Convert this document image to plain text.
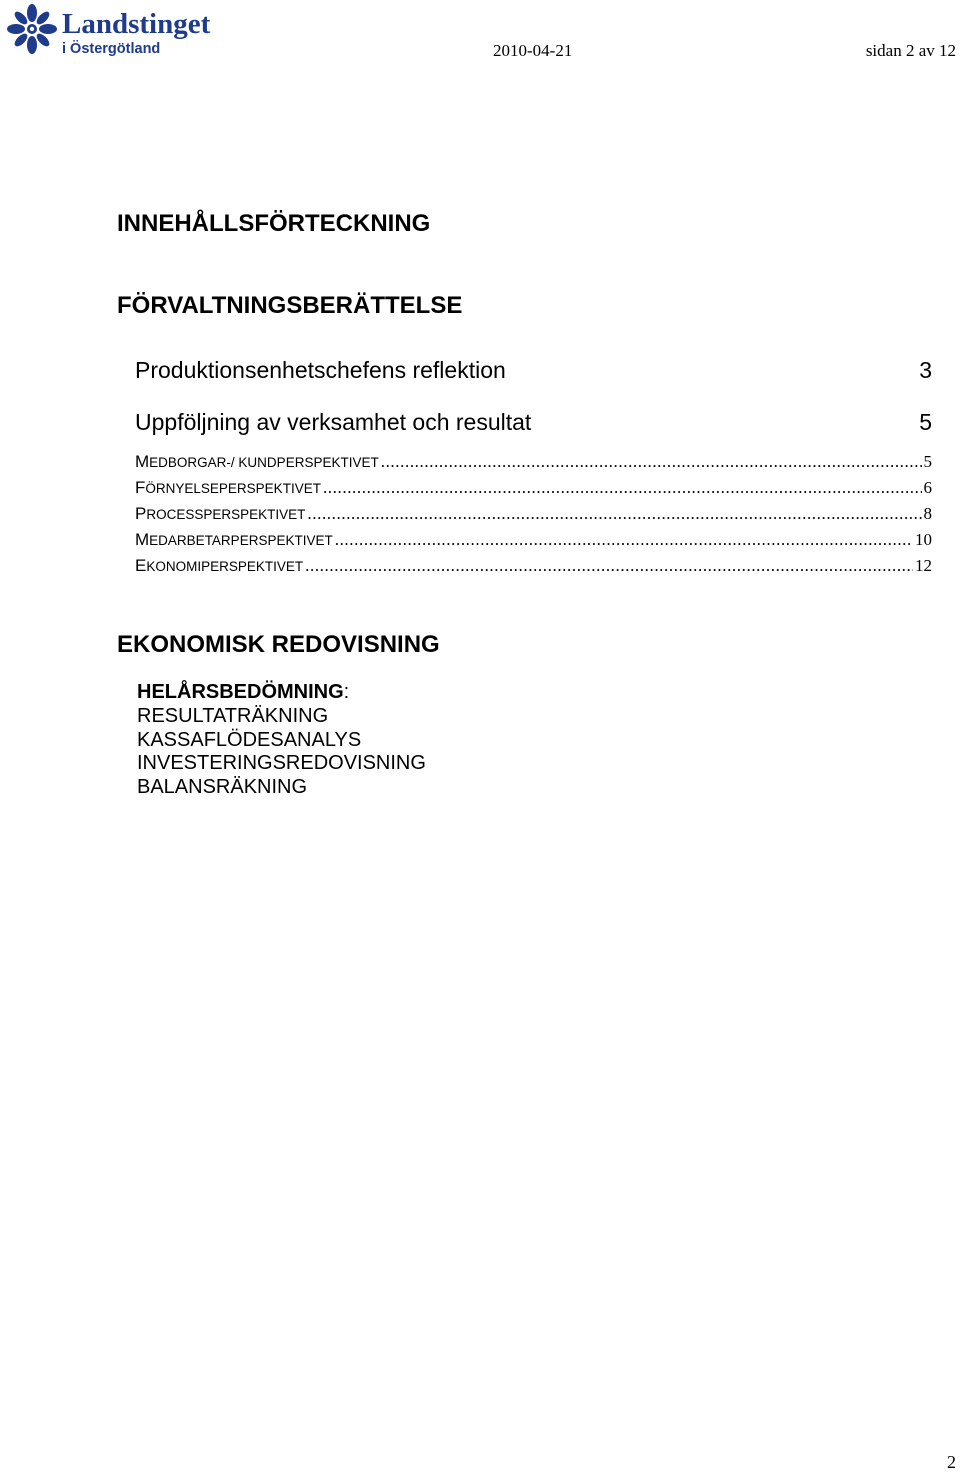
Landstinget
i Östergötland	2010-04-21	sidan 2 av 12
INNEHÅLLSFÖRTECKNING
FÖRVALTNINGSBERÄTTELSE
Produktionsenhetschefens reflektion	3
Uppföljning av verksamhet och resultat	5
MEDBORGAR-/ KUNDPERSPEKTIVET .....	5
FÖRNYELSEPERSPEKTIVET .....	6
PROCESSPERSPEKTIVET .....	8
MEDARBETARPERSPEKTIVET .....	10
EKONOMIPERSPEKTIVET .....	12
EKONOMISK REDOVISNING
HELÅRSBEDÖMNING:
RESULTATRÄKNING
KASSAFLÖDESANALYS
INVESTERINGSREDOVISNING
BALANSRÄKNING
2
